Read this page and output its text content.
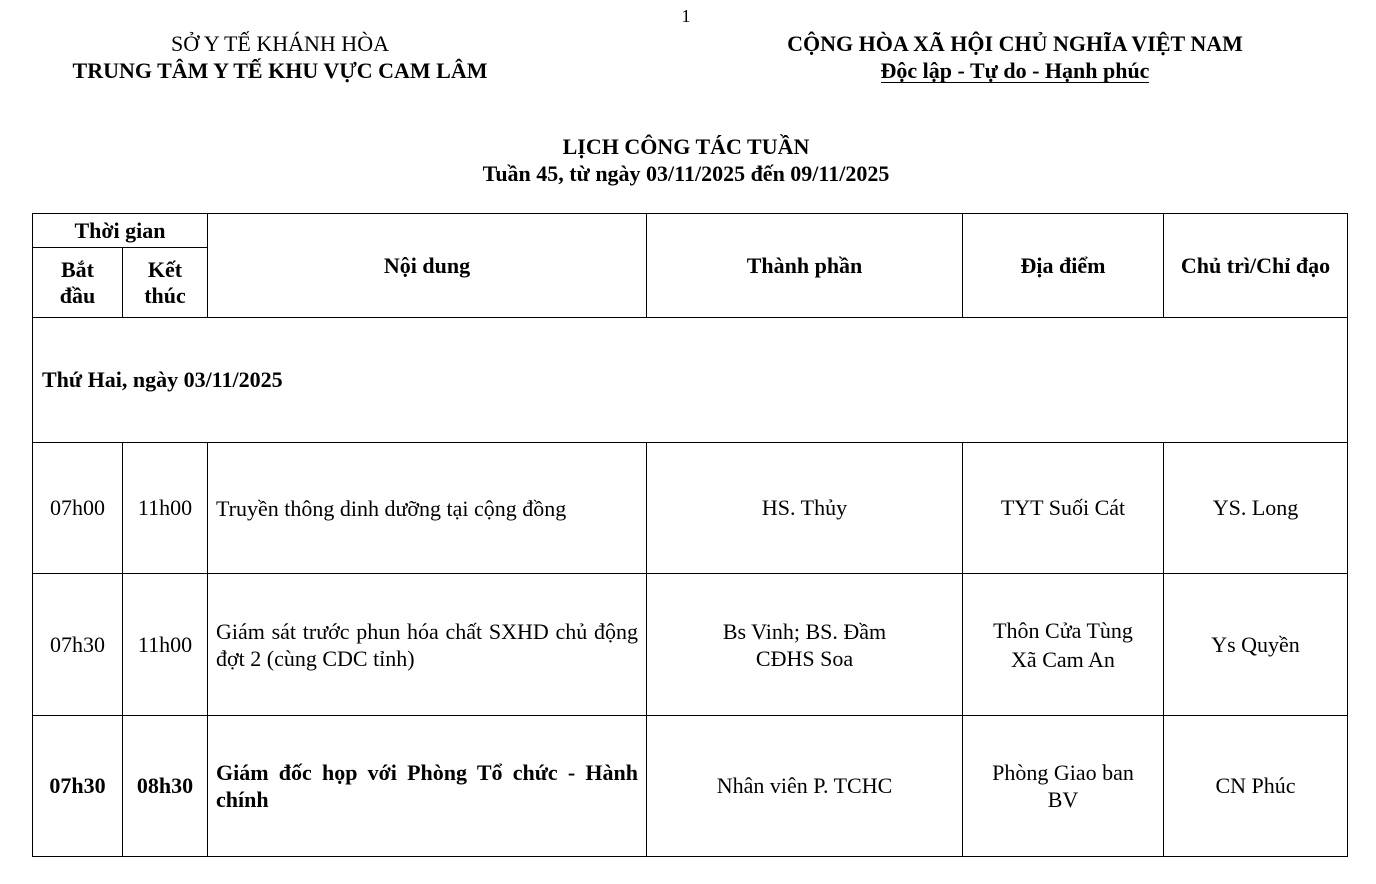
1
SỞ Y TẾ KHÁNH HÒA
TRUNG TÂM Y TẾ KHU VỰC CAM LÂM
CỘNG HÒA XÃ HỘI CHỦ NGHĨA VIỆT NAM
Độc lập - Tự do - Hạnh phúc
LỊCH CÔNG TÁC TUẦN
Tuần 45, từ ngày 03/11/2025 đến 09/11/2025
Thời gian		Nội dung	Thành phần	Địa điểm	Chủ trì/Chỉ đạo
Bắt đầu	Kết thúc				
Thứ Hai, ngày 03/11/2025					
07h00	11h00	Truyền thông dinh dưỡng tại cộng đồng	HS. Thủy	TYT Suối Cát	YS. Long
07h30	11h00	Giám sát trước phun hóa chất SXHD chủ động đợt 2 (cùng CDC tỉnh)	Bs Vinh; BS. Đầm CĐHS Soa	Thôn Cửa Tùng Xã Cam An	Ys Quyền
07h30	08h30	Giám đốc họp với Phòng Tổ chức - Hành chính	Nhân viên P. TCHC	Phòng Giao ban BV	CN Phúc
